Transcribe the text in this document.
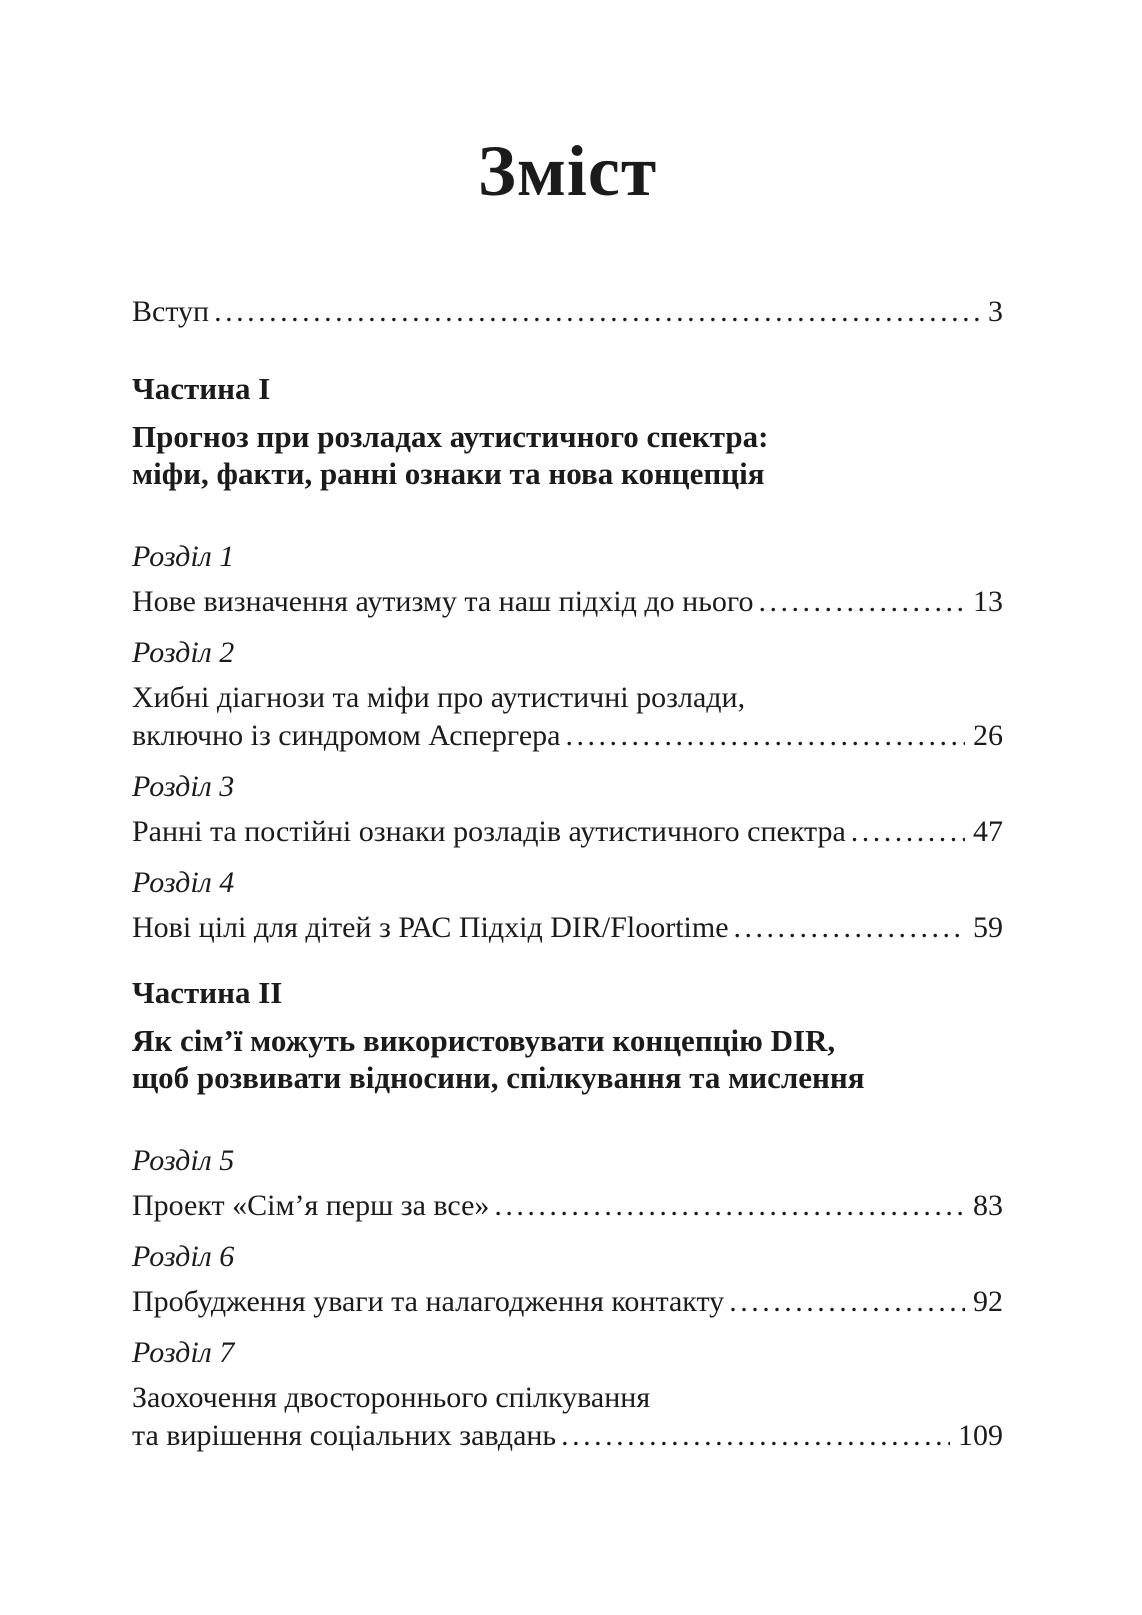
Зміст
Вступ .....	3
Частина I

Прогноз при розладах аутистичного спектра:
міфи, факти, ранні ознаки та нова концепція

Розділ 1
Нове визначення аутизму та наш підхід до нього .....	13
Розділ 2
Хибні діагнози та міфи про аутистичні розлади,
включно із синдромом Аспергера .....	26
Розділ 3
Ранні та постійні ознаки розладів аутистичного спектра .....	47
Розділ 4
Нові цілі для дітей з РАС Підхід DIR/Floortime .....	59
Частина II

Як сім’ї можуть використовувати концепцію DIR,
щоб розвивати відносини, спілкування та мислення

Розділ 5
Проект «Сім’я перш за все» .....	83
Розділ 6
Пробудження уваги та налагодження контакту .....	92
Розділ 7
Заохочення двостороннього спілкування
та вирішення соціальних завдань .....	109
